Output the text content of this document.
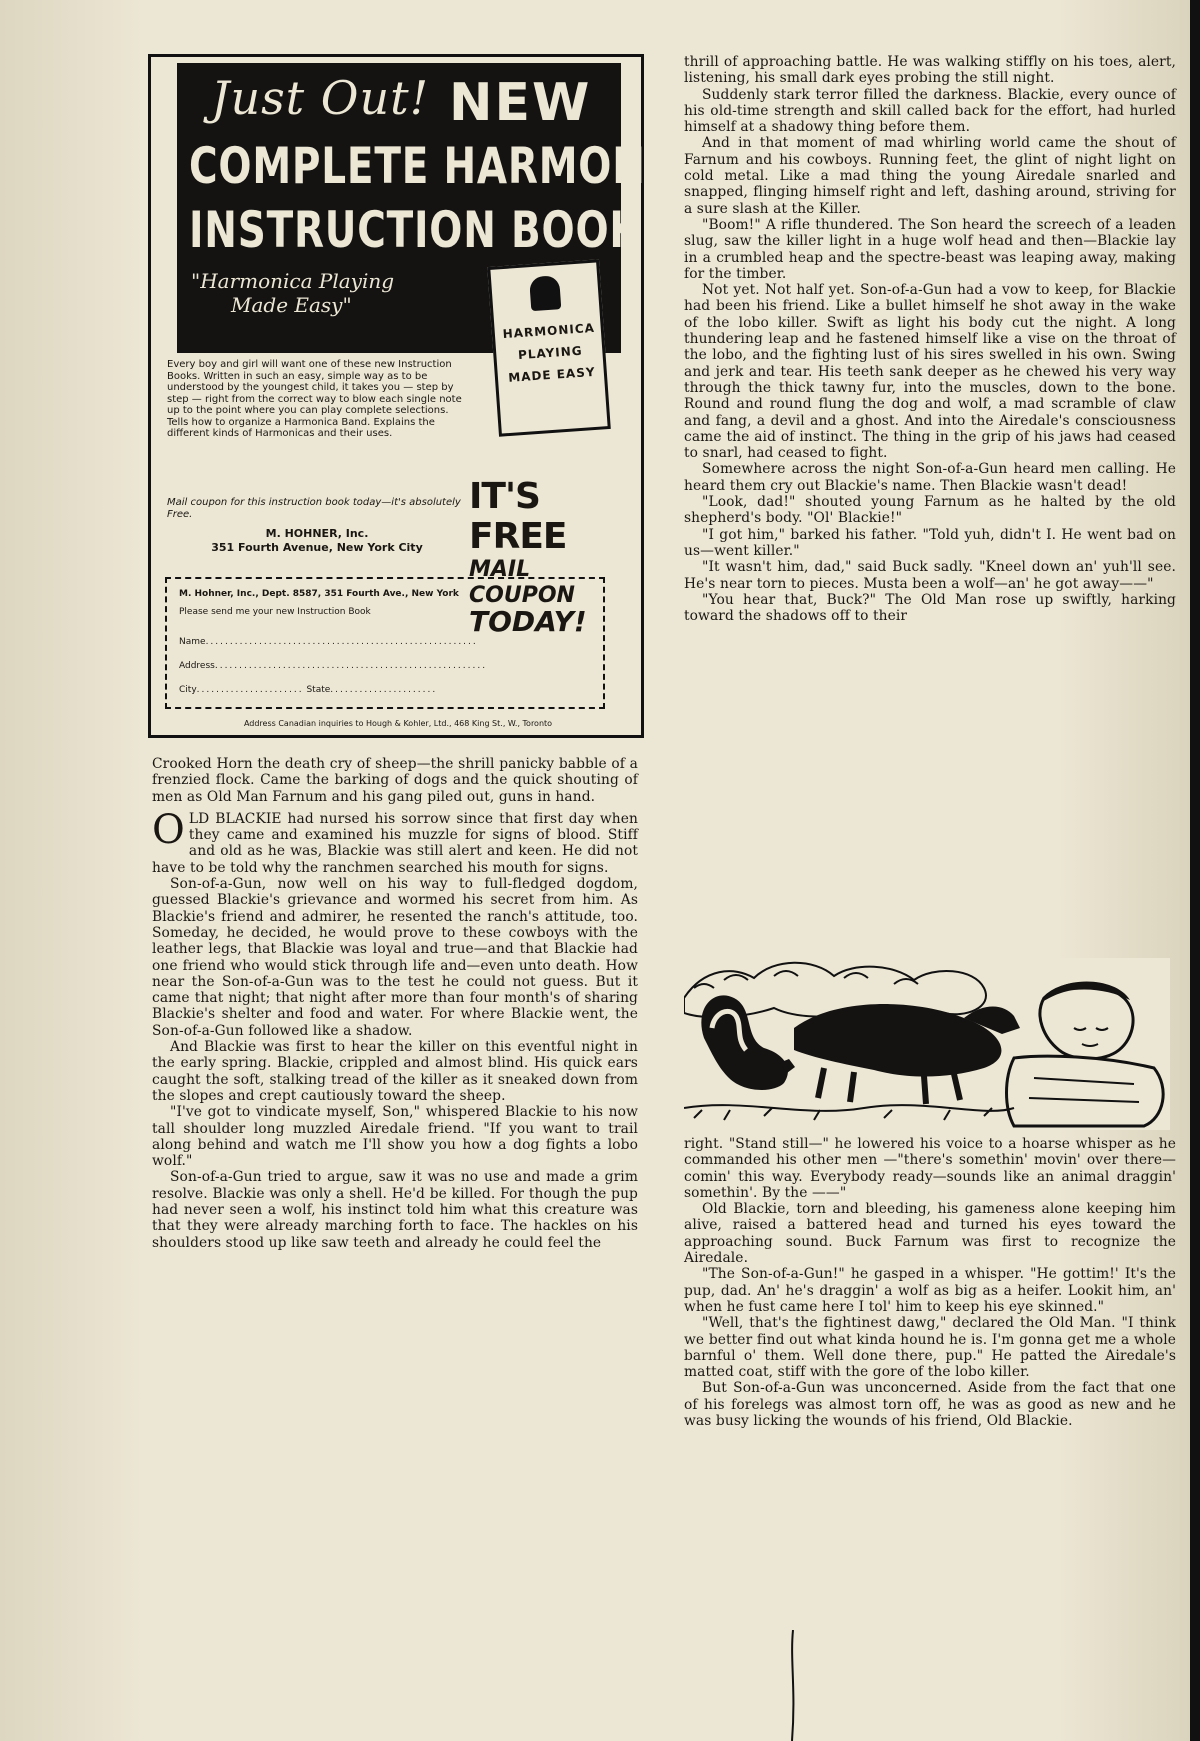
Just Out! NEW
COMPLETE HARMONICA
INSTRUCTION BOOK...
"Harmonica Playing
Made Easy"
HARMONICA
PLAYING
MADE EASY
Every boy and girl will want one of these new Instruction Books. Written in such an easy, simple way as to be understood by the youngest child, it takes you — step by step — right from the correct way to blow each single note up to the point where you can play complete selections. Tells how to organize a Harmonica Band. Explains the different kinds of Harmonicas and their uses.
Mail coupon for this instruction book today—it's absolutely Free.
M. HOHNER, Inc.
351 Fourth Avenue, New York City
IT'S FREE
MAIL COUPON
TODAY!
M. Hohner, Inc., Dept. 8587, 351 Fourth Ave., New York
Please send me your new Instruction Book
Name........................................................
Address........................................................
City...................... State......................
Address Canadian inquiries to Hough & Kohler, Ltd., 468 King St., W., Toronto

Crooked Horn the death cry of sheep—the shrill panicky babble of a frenzied flock. Came the barking of dogs and the quick shouting of men as Old Man Farnum and his gang piled out, guns in hand.

OLD BLACKIE had nursed his sorrow since that first day when they came and examined his muzzle for signs of blood. Stiff and old as he was, Blackie was still alert and keen. He did not have to be told why the ranchmen searched his mouth for signs.

Son-of-a-Gun, now well on his way to full-fledged dogdom, guessed Blackie's grievance and wormed his secret from him. As Blackie's friend and admirer, he resented the ranch's attitude, too. Someday, he decided, he would prove to these cowboys with the leather legs, that Blackie was loyal and true—and that Blackie had one friend who would stick through life and—even unto death. How near the Son-of-a-Gun was to the test he could not guess. But it came that night; that night after more than four month's of sharing Blackie's shelter and food and water. For where Blackie went, the Son-of-a-Gun followed like a shadow.

And Blackie was first to hear the killer on this eventful night in the early spring. Blackie, crippled and almost blind. His quick ears caught the soft, stalking tread of the killer as it sneaked down from the slopes and crept cautiously toward the sheep.

"I've got to vindicate myself, Son," whispered Blackie to his now tall shoulder long muzzled Airedale friend. "If you want to trail along behind and watch me I'll show you how a dog fights a lobo wolf."

Son-of-a-Gun tried to argue, saw it was no use and made a grim resolve. Blackie was only a shell. He'd be killed. For though the pup had never seen a wolf, his instinct told him what this creature was that they were already marching forth to face. The hackles on his shoulders stood up like saw teeth and already he could feel the

thrill of approaching battle. He was walking stiffly on his toes, alert, listening, his small dark eyes probing the still night.

Suddenly stark terror filled the darkness. Blackie, every ounce of his old-time strength and skill called back for the effort, had hurled himself at a shadowy thing before them.

And in that moment of mad whirling world came the shout of Farnum and his cowboys. Running feet, the glint of night light on cold metal. Like a mad thing the young Airedale snarled and snapped, flinging himself right and left, dashing around, striving for a sure slash at the Killer.

"Boom!" A rifle thundered. The Son heard the screech of a leaden slug, saw the killer light in a huge wolf head and then—Blackie lay in a crumbled heap and the spectre-beast was leaping away, making for the timber.

Not yet. Not half yet. Son-of-a-Gun had a vow to keep, for Blackie had been his friend. Like a bullet himself he shot away in the wake of the lobo killer. Swift as light his body cut the night. A long thundering leap and he fastened himself like a vise on the throat of the lobo, and the fighting lust of his sires swelled in his own. Swing and jerk and tear. His teeth sank deeper as he chewed his very way through the thick tawny fur, into the muscles, down to the bone. Round and round flung the dog and wolf, a mad scramble of claw and fang, a devil and a ghost. And into the Airedale's consciousness came the aid of instinct. The thing in the grip of his jaws had ceased to snarl, had ceased to fight.

Somewhere across the night Son-of-a-Gun heard men calling. He heard them cry out Blackie's name. Then Blackie wasn't dead!

"Look, dad!" shouted young Farnum as he halted by the old shepherd's body. "Ol' Blackie!"

"I got him," barked his father. "Told yuh, didn't I. He went bad on us—went killer."

"It wasn't him, dad," said Buck sadly. "Kneel down an' yuh'll see. He's near torn to pieces. Musta been a wolf—an' he got away——"

"You hear that, Buck?" The Old Man rose up swiftly, harking toward the shadows off to their

right. "Stand still—" he lowered his voice to a hoarse whisper as he commanded his other men —"there's somethin' movin' over there—comin' this way. Everybody ready—sounds like an animal draggin' somethin'. By the ——"

Old Blackie, torn and bleeding, his gameness alone keeping him alive, raised a battered head and turned his eyes toward the approaching sound. Buck Farnum was first to recognize the Airedale.

"The Son-of-a-Gun!" he gasped in a whisper. "He gottim!' It's the pup, dad. An' he's draggin' a wolf as big as a heifer. Lookit him, an' when he fust came here I tol' him to keep his eye skinned."

"Well, that's the fightinest dawg," declared the Old Man. "I think we better find out what kinda hound he is. I'm gonna get me a whole barnful o' them. Well done there, pup." He patted the Airedale's matted coat, stiff with the gore of the lobo killer.

But Son-of-a-Gun was unconcerned. Aside from the fact that one of his forelegs was almost torn off, he was as good as new and he was busy licking the wounds of his friend, Old Blackie.
